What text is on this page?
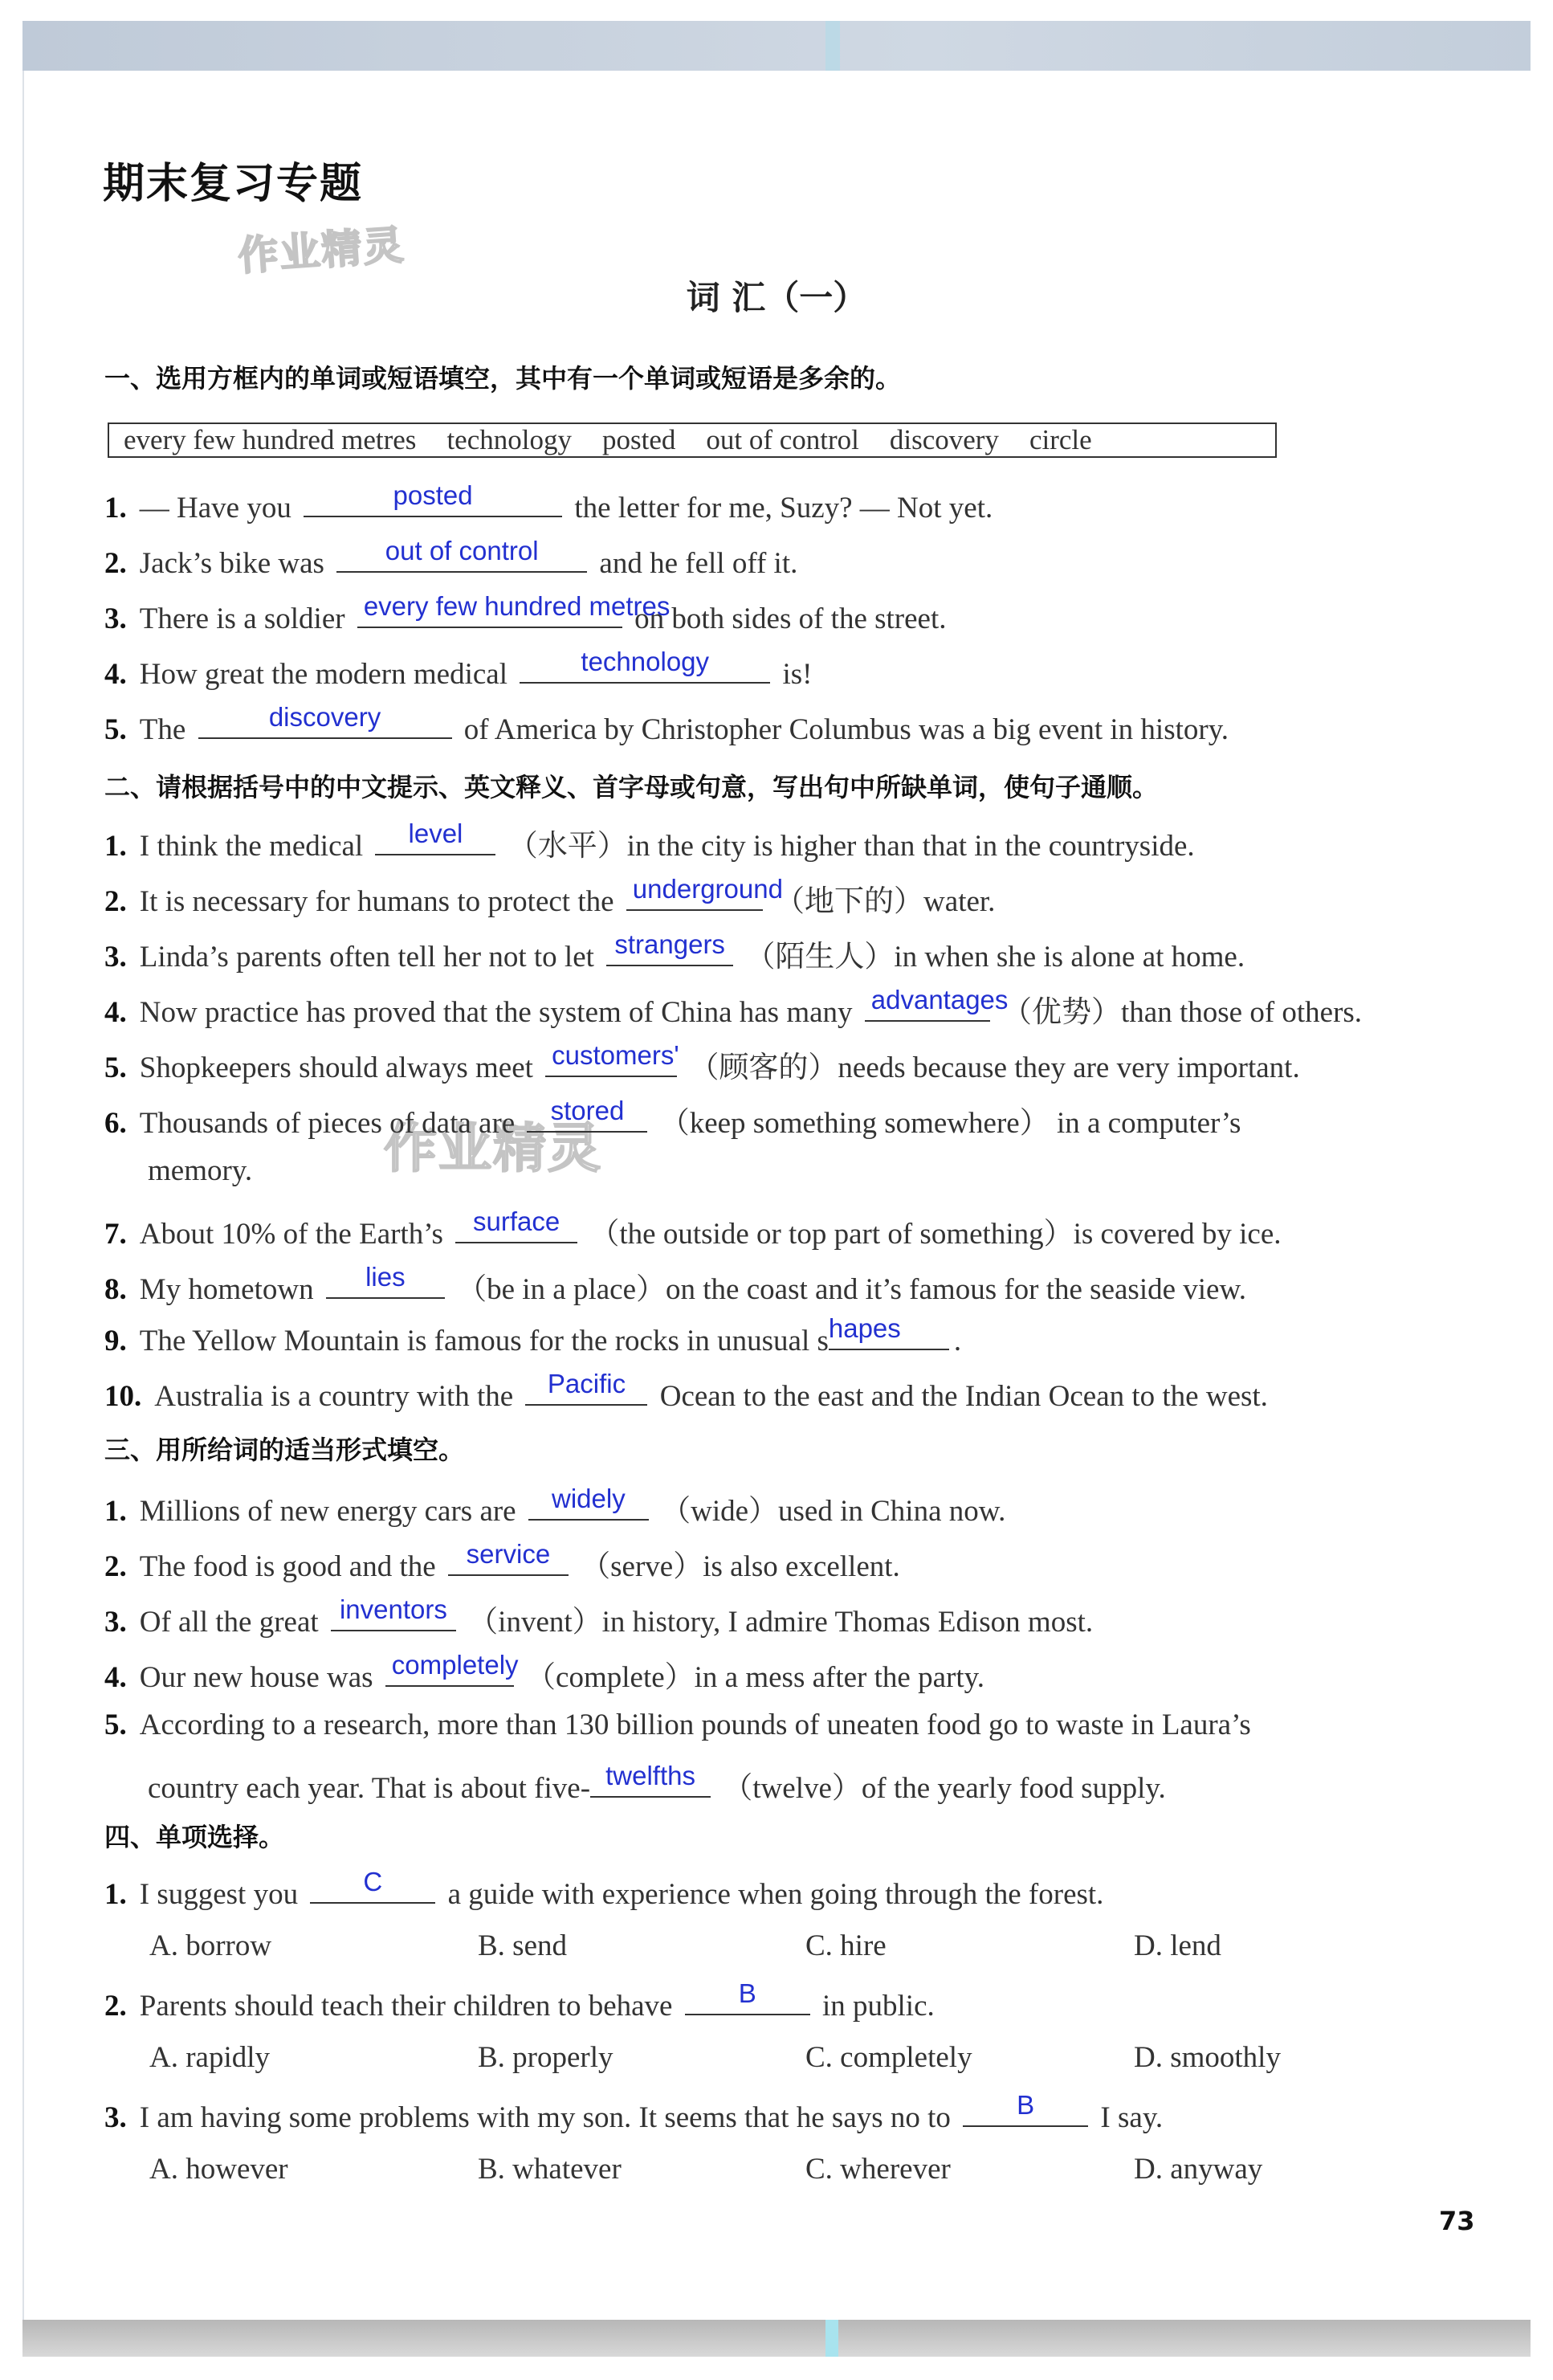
期末复习专题
作业精灵
词 汇（一）
一、选用方框内的单词或短语填空，其中有一个单词或短语是多余的。
every few hundred metres technology posted out of control discovery circle
1. — Have you	posted	the letter for me, Suzy? — Not yet.
2. Jack’s bike was	out of control	and he fell off it.
3. There is a soldier every few hundred metres
on both sides of the street.
4. How great the modern medical	technology	is!
5. The	discovery	of America by Christopher Columbus was a big event in history.
二、请根据括号中的中文提示、英文释义、首字母或句意，写出句中所缺单词，使句子通顺。
1. I think the medical	level	（水平）in the city is higher than that in the countryside.
2. It is necessary for humans to protect the underground
（地下的）water.
3. Linda’s parents often tell her not to let strangers （陌生人）in when she is alone at home.
4. Now practice has proved that the system of China has many advantages
（优势）than those of others.
5. Shopkeepers should always meet customers' （顾客的）needs because they are very important.
作业精灵
6. Thousands of pieces of data are	stored	（keep something somewhere） in a computer’s
memory.
7. About 10% of the Earth’s	surface	（the outside or top part of something）is covered by ice.
8. My hometown	lies	（be in a place）on the coast and it’s famous for the seaside view.
9. The Yellow Mountain is famous for the rocks in unusual s hapes .
10. Australia is a country with the	Pacific	Ocean to the east and the Indian Ocean to the west.
三、用所给词的适当形式填空。
1. Millions of new energy cars are	widely	（wide）used in China now.
2. The food is good and the	service	（serve）is also excellent.
3. Of all the great inventors （invent）in history, I admire Thomas Edison most.
4. Our new house was completely （complete）in a mess after the party.
5. According to a research, more than 130 billion pounds of uneaten food go to waste in Laura’s
country each year. That is about five- twelfths （twelve）of the yearly food supply.
四、单项选择。
1. I suggest you	C	a guide with experience when going through the forest.
A. borrow	B. send	C. hire	D. lend
2. Parents should teach their children to behave	B	in public.
A. rapidly	B. properly	C. completely	D. smoothly
3. I am having some problems with my son. It seems that he says no to	B	I say.
A. however	B. whatever	C. wherever	D. anyway
73
